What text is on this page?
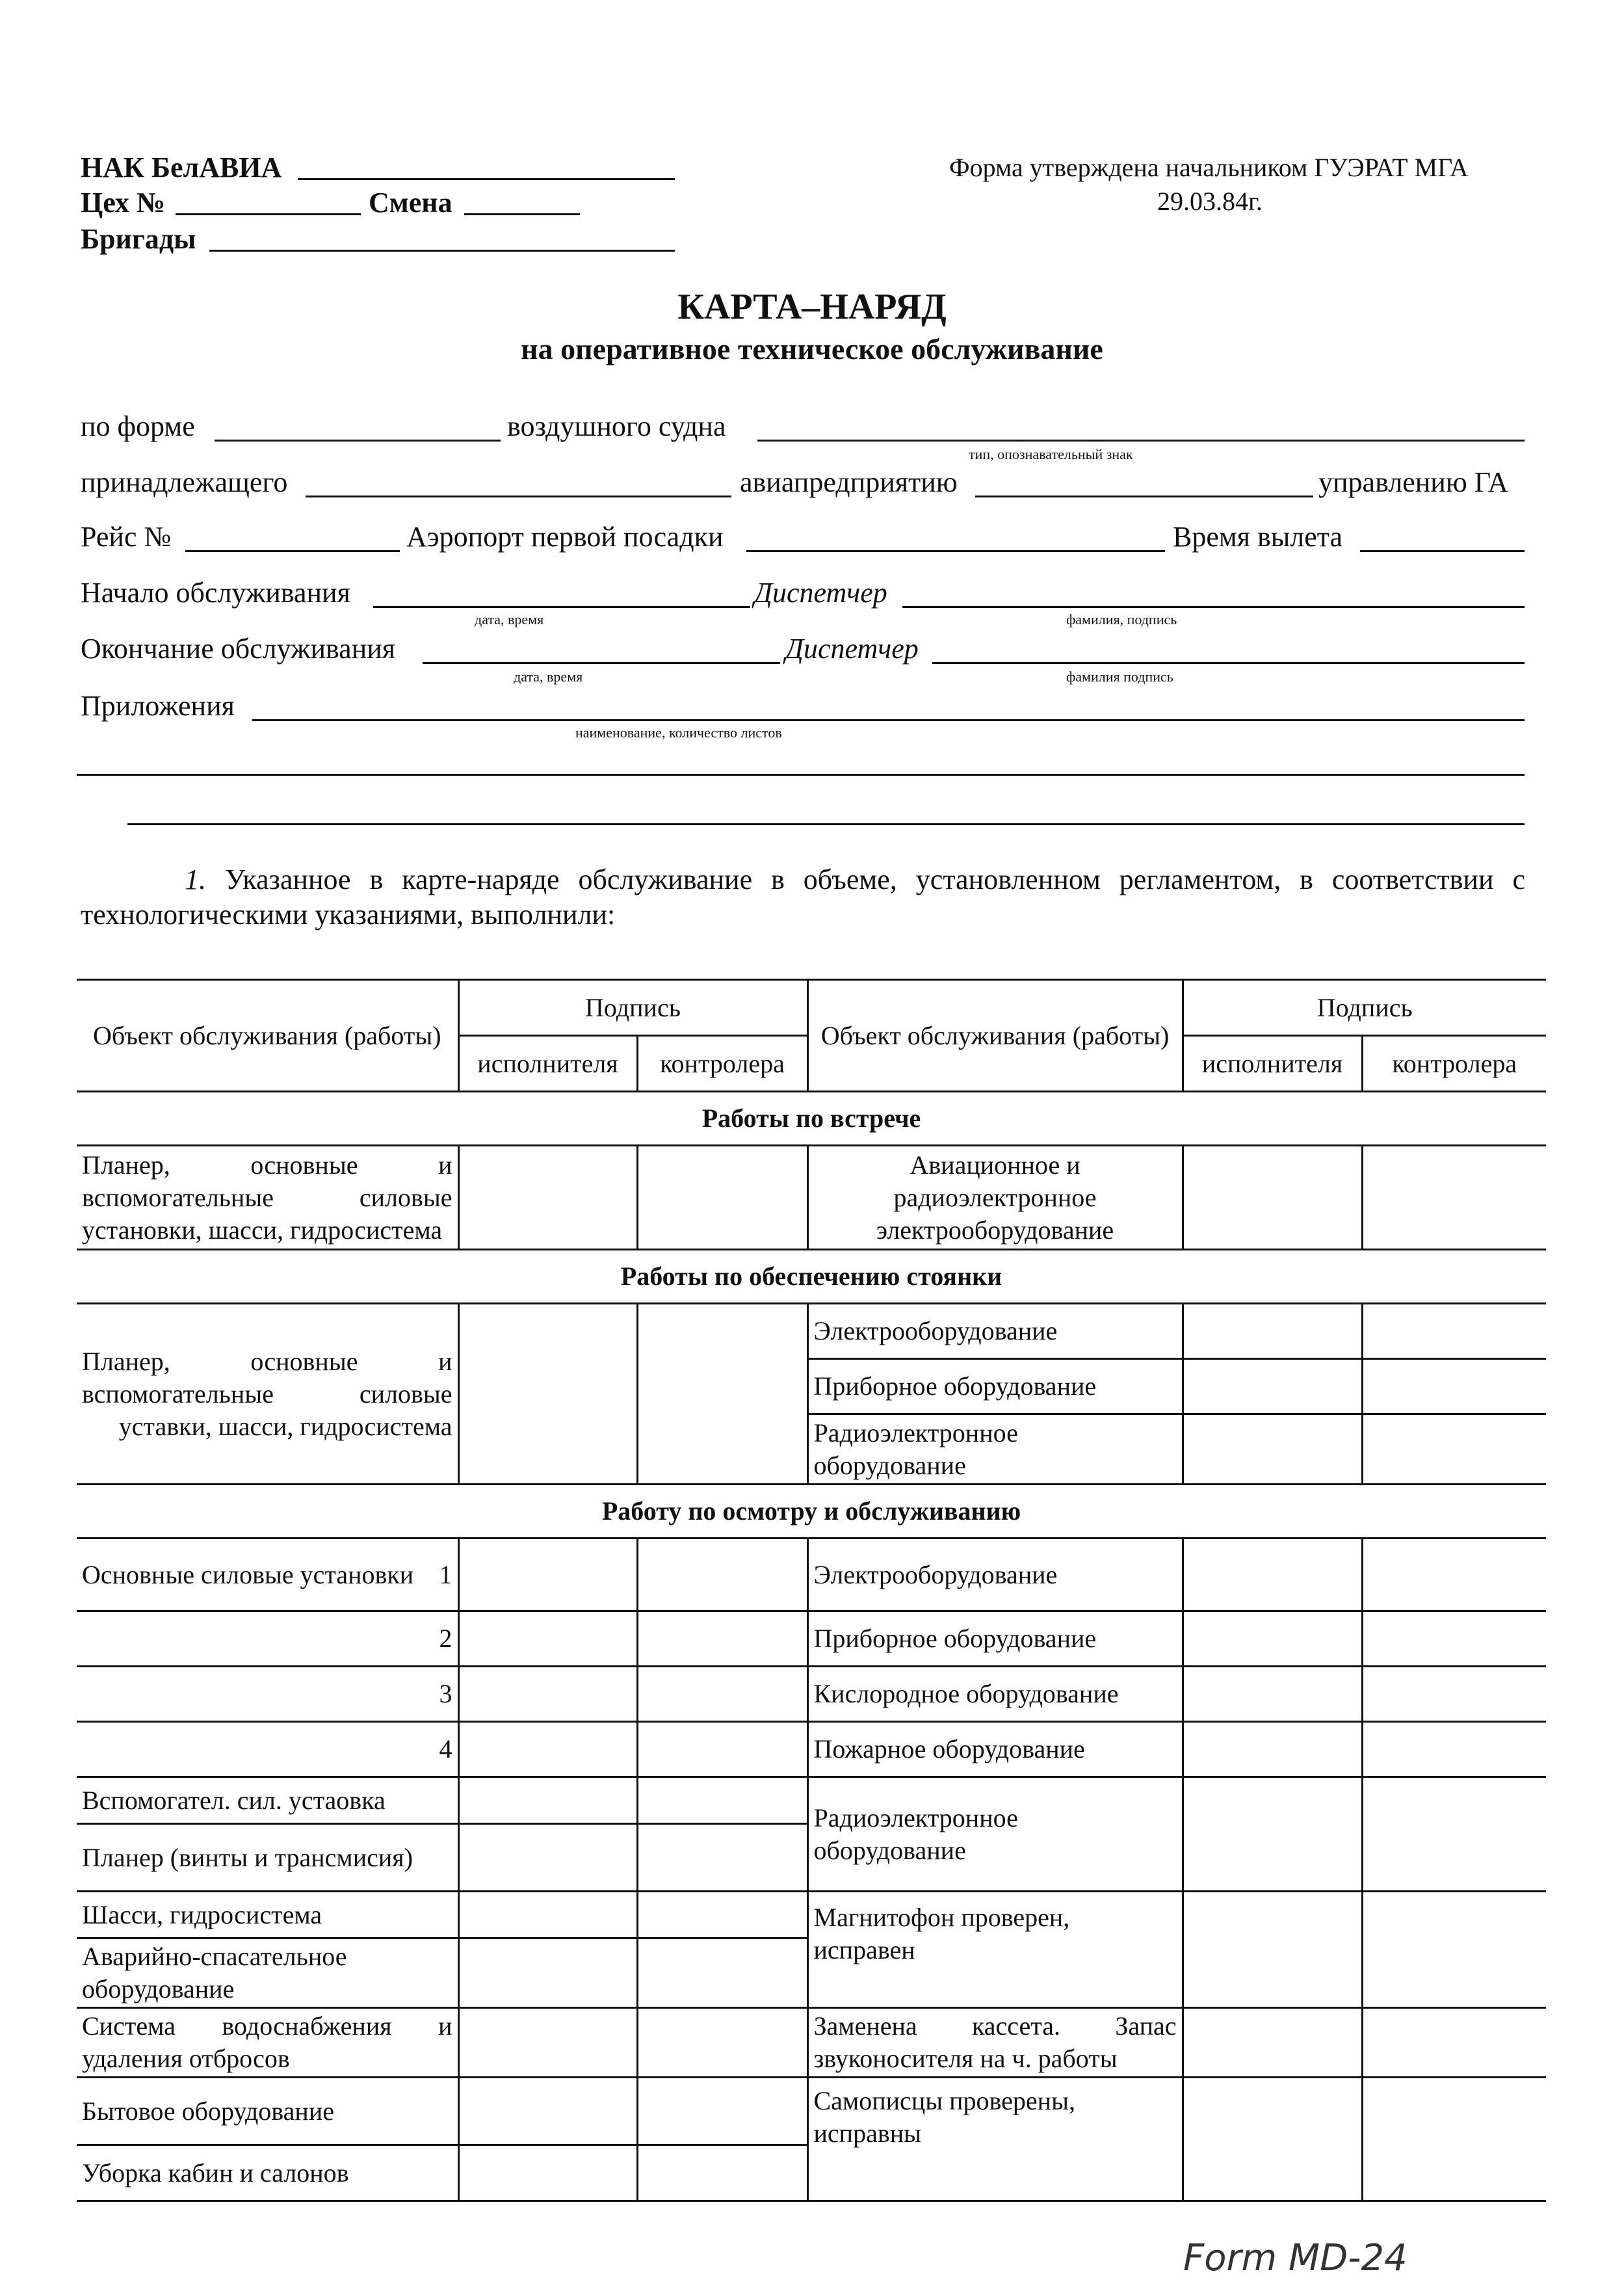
НАК БелАВИА
Цех №	Смена
Бригады
Форма утверждена начальником ГУЭРАТ МГА
29.03.84г.
КАРТА–НАРЯД
на оперативное техническое обслуживание
по форме	воздушного судна
тип, опознавательный знак
принадлежащего	авиапредприятию	управлению ГА
Рейс №	Аэропорт первой посадки	Время вылета
Начало обслуживания	Диспетчер
дата, время	фамилия, подпись
Окончание обслуживания	Диспетчер
дата, время	фамилия подпись
Приложения
наименование, количество листов
1. Указанное в карте-наряде обслуживание в объеме, установленном регламентом, в соответствии с технологическими указаниями, выполнили:
Объект обслуживания (работы)	Подпись		Объект обслуживания (работы)	Подпись	
	исполнителя	контролера		исполнителя	контролера
Работы по встрече					
Планер, основные и вспомогательные силовые установки, шасси, гидросистема			Авиационное и радиоэлектронное электрооборудование		
Работы по обеспечению стоянки					
Планер, основные и вспомогательные силовые уставки, шасси, гидросистема			Электрооборудование		
			Приборное оборудование		
			Радиоэлектронное оборудование		
Работу по осмотру и обслуживанию					
Основные силовые установки 1			Электрооборудование		
2			Приборное оборудование		
3			Кислородное оборудование		
4			Пожарное оборудование		
Вспомогател. сил. устаовка			Радиоэлектронное оборудование		
Планер (винты и трансмисия)					
Шасси, гидросистема			Магнитофон проверен, исправен		
Аварийно-спасательное оборудование					
Система водоснабжения и удаления отбросов			Заменена кассета. Запас звуконосителя на ч. работы		
Бытовое оборудование			Самописцы проверены, исправны		
Уборка кабин и салонов					
Form MD-24
